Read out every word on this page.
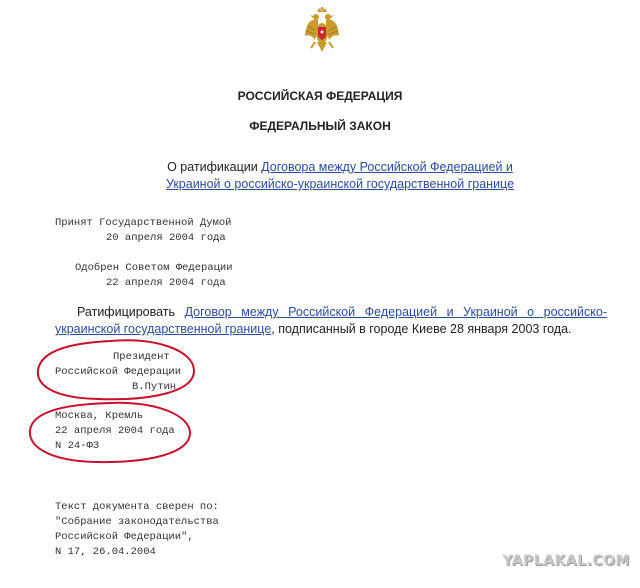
РОССИЙСКАЯ ФЕДЕРАЦИЯ
ФЕДЕРАЛЬНЫЙ ЗАКОН
О ратификации Договора между Российской Федерацией и
Украиной о российско-украинской государственной границе
Принят Государственной Думой
20 апреля 2004 года
Одобрен Советом Федерации
22 апреля 2004 года
Ратифицировать Договор между Российской Федерацией и Украиной о российско-украинской государственной границе, подписанный в городе Киеве 28 января 2003 года.
Президент
Российской Федерации
В.Путин
Москва, Кремль
22 апреля 2004 года
N 24-ФЗ
Текст документа сверен по:
"Собрание законодательства
Российской Федерации",
N 17, 26.04.2004
YAPLAKAL.COM
